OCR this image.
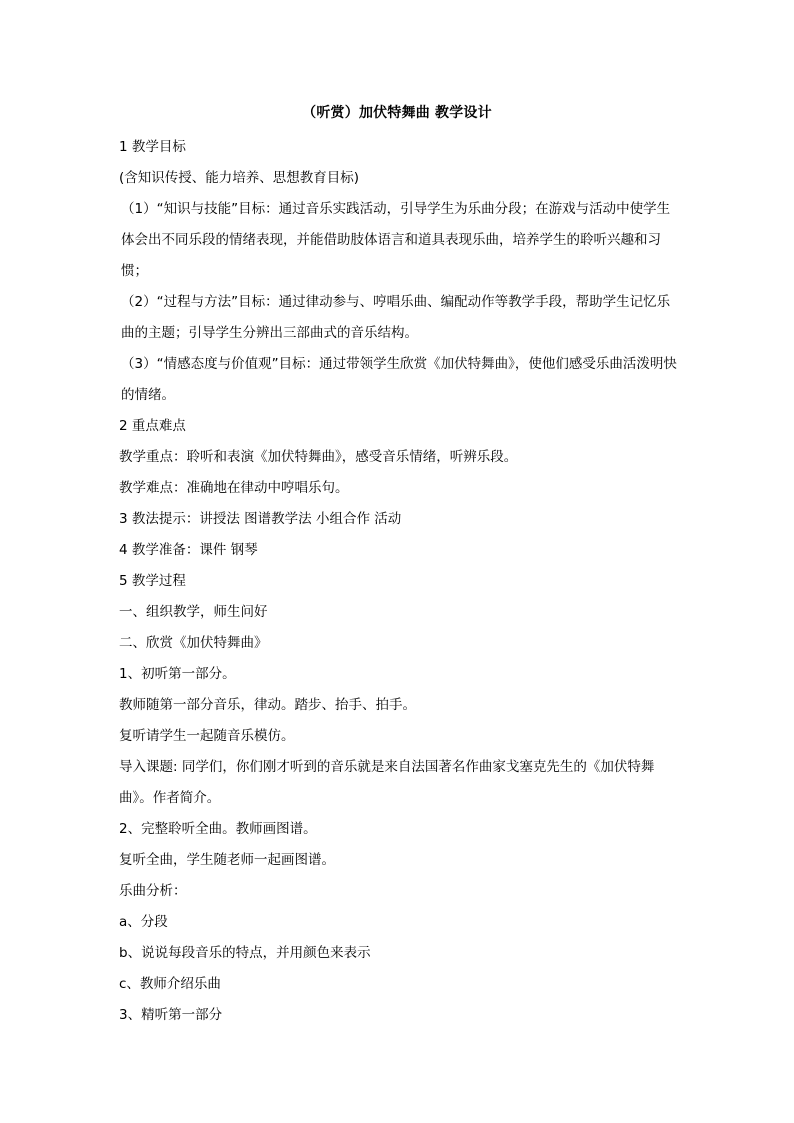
（听赏）加伏特舞曲 教学设计

1 教学目标

(含知识传授、能力培养、思想教育目标)

（1）“知识与技能”目标：通过音乐实践活动，引导学生为乐曲分段；在游戏与活动中使学生体会出不同乐段的情绪表现，并能借助肢体语言和道具表现乐曲，培养学生的聆听兴趣和习惯；

（2）“过程与方法”目标：通过律动参与、哼唱乐曲、编配动作等教学手段，帮助学生记忆乐曲的主题；引导学生分辨出三部曲式的音乐结构。

（3）“情感态度与价值观”目标：通过带领学生欣赏《加伏特舞曲》，使他们感受乐曲活泼明快的情绪。

2 重点难点

教学重点：聆听和表演《加伏特舞曲》，感受音乐情绪，听辨乐段。

教学难点：准确地在律动中哼唱乐句。

3 教法提示：讲授法 图谱教学法 小组合作 活动

4 教学准备：课件 钢琴

5 教学过程

一、组织教学，师生问好

二、欣赏《加伏特舞曲》

1、初听第一部分。

教师随第一部分音乐，律动。踏步、抬手、拍手。

复听请学生一起随音乐模仿。

导入课题: 同学们，你们刚才听到的音乐就是来自法国著名作曲家戈塞克先生的《加伏特舞曲》。作者简介。

2、完整聆听全曲。教师画图谱。

复听全曲，学生随老师一起画图谱。

乐曲分析：

a、分段

b、说说每段音乐的特点，并用颜色来表示

c、教师介绍乐曲

3、精听第一部分
